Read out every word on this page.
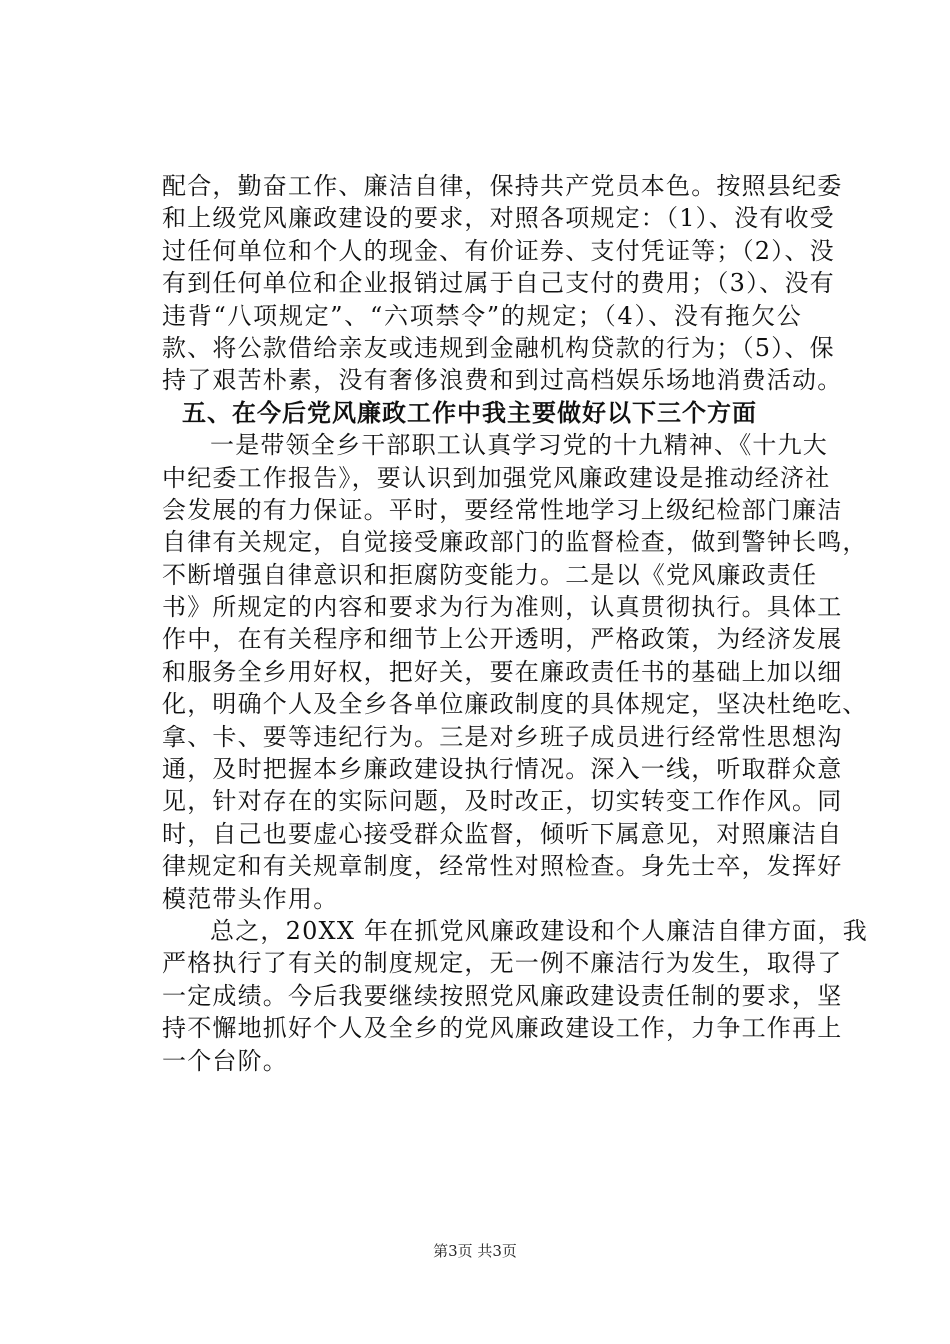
配合，勤奋工作、廉洁自律，保持共产党员本色。按照县纪委
和上级党风廉政建设的要求，对照各项规定：（1）、没有收受
过任何单位和个人的现金、有价证券、支付凭证等；（2）、没
有到任何单位和企业报销过属于自己支付的费用；（3）、没有
违背“八项规定”、“六项禁令”的规定；（4）、没有拖欠公
款、将公款借给亲友或违规到金融机构贷款的行为；（5）、保
持了艰苦朴素，没有奢侈浪费和到过高档娱乐场地消费活动。
五、在今后党风廉政工作中我主要做好以下三个方面
一是带领全乡干部职工认真学习党的十九精神、《十九大
中纪委工作报告》，要认识到加强党风廉政建设是推动经济社
会发展的有力保证。平时，要经常性地学习上级纪检部门廉洁
自律有关规定，自觉接受廉政部门的监督检查，做到警钟长鸣，
不断增强自律意识和拒腐防变能力。二是以《党风廉政责任
书》所规定的内容和要求为行为准则，认真贯彻执行。具体工
作中，在有关程序和细节上公开透明，严格政策，为经济发展
和服务全乡用好权，把好关，要在廉政责任书的基础上加以细
化，明确个人及全乡各单位廉政制度的具体规定，坚决杜绝吃、
拿、卡、要等违纪行为。三是对乡班子成员进行经常性思想沟
通，及时把握本乡廉政建设执行情况。深入一线，听取群众意
见，针对存在的实际问题，及时改正，切实转变工作作风。同
时，自己也要虚心接受群众监督，倾听下属意见，对照廉洁自
律规定和有关规章制度，经常性对照检查。身先士卒，发挥好
模范带头作用。
总之，20XX 年在抓党风廉政建设和个人廉洁自律方面，我
严格执行了有关的制度规定，无一例不廉洁行为发生，取得了
一定成绩。今后我要继续按照党风廉政建设责任制的要求，坚
持不懈地抓好个人及全乡的党风廉政建设工作，力争工作再上
一个台阶。
第3页 共3页
